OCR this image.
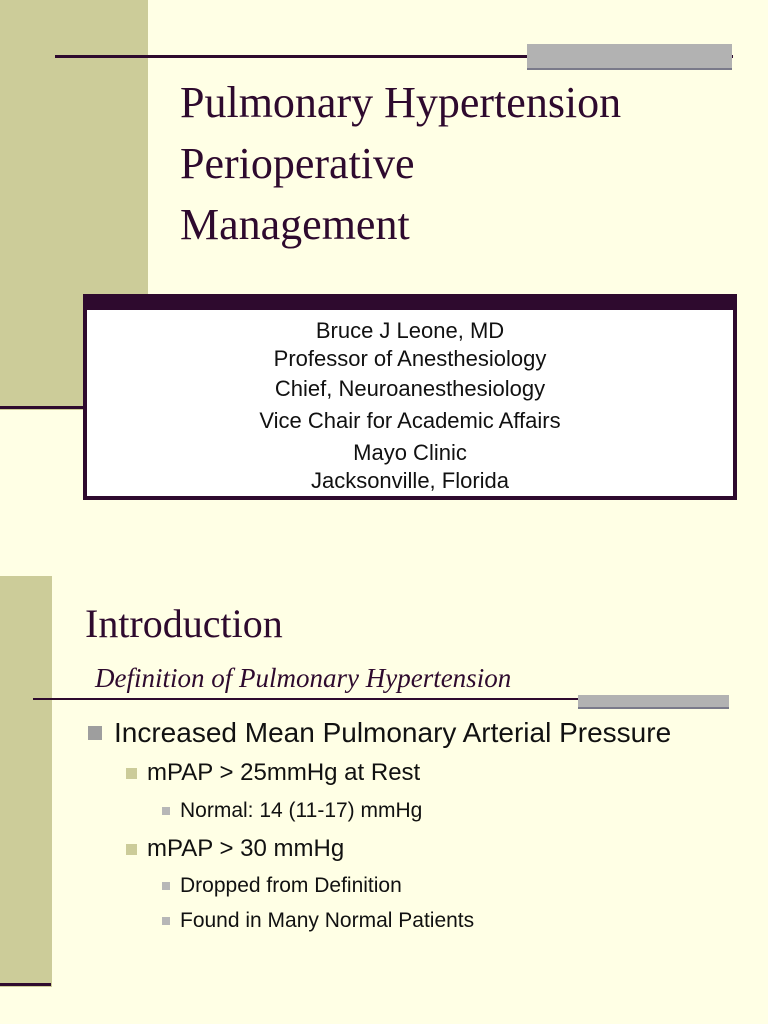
Pulmonary Hypertension
Perioperative
Management
Bruce J Leone, MD
Professor of Anesthesiology
Chief, Neuroanesthesiology
Vice Chair for Academic Affairs
Mayo Clinic
Jacksonville, Florida
Introduction
Definition of Pulmonary Hypertension
Increased Mean Pulmonary Arterial Pressure
mPAP > 25mmHg at Rest
Normal: 14 (11-17) mmHg
mPAP > 30 mmHg
Dropped from Definition
Found in Many Normal Patients
